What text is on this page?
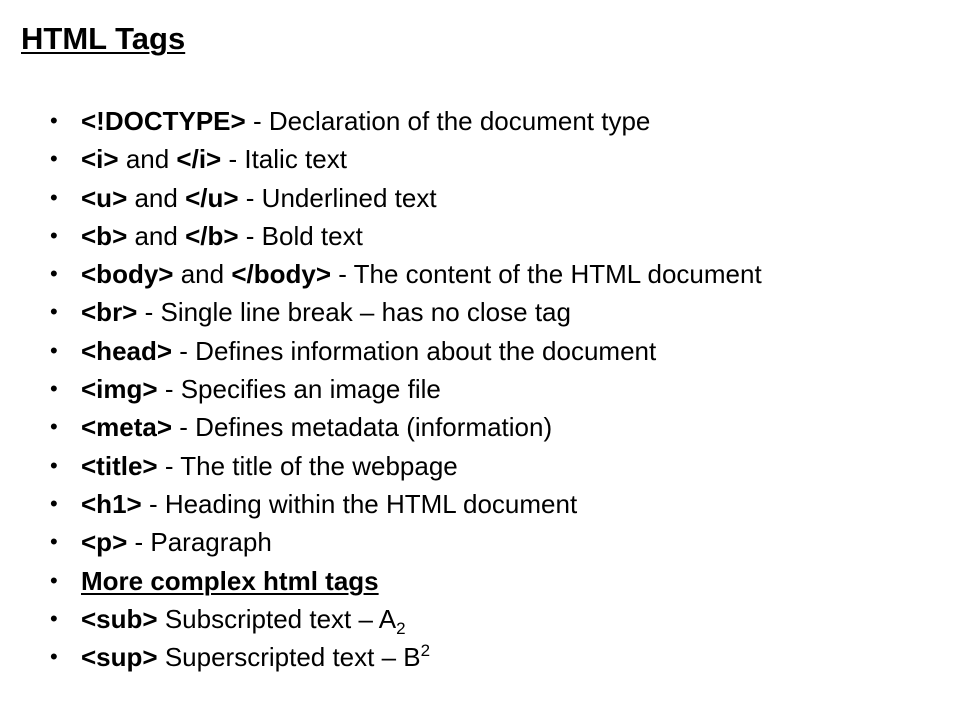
HTML Tags
• <!DOCTYPE> - Declaration of the document type
• <i> and </i> - Italic text
• <u> and </u> - Underlined text
• <b> and </b> - Bold text
• <body> and </body> - The content of the HTML document
• <br> - Single line break – has no close tag
• <head> - Defines information about the document
• <img> - Specifies an image file
• <meta> - Defines metadata (information)
• <title> - The title of the webpage
• <h1> - Heading within the HTML document
• <p> - Paragraph
• More complex html tags
• <sub> Subscripted text – $A_2$
• <sup> Superscripted text – $B^2$
